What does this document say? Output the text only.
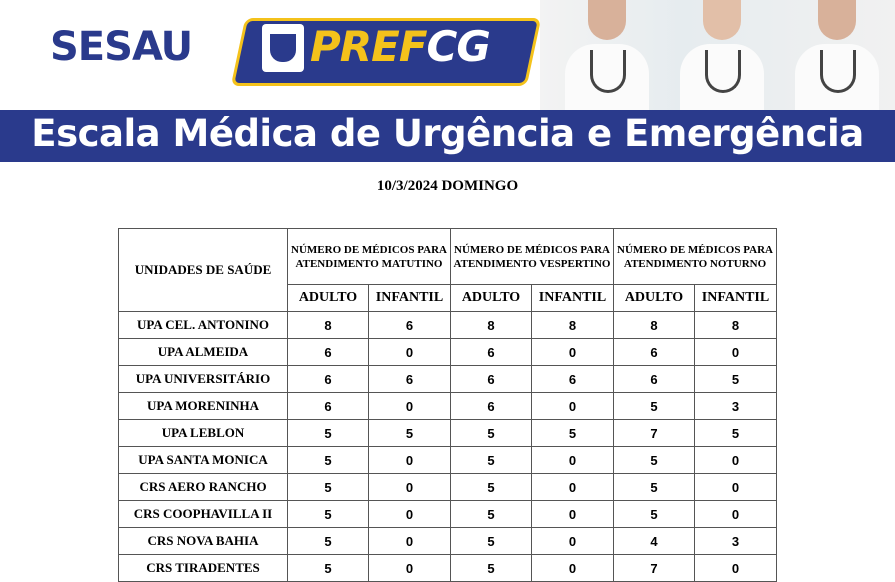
SESAU	PREFCG
Escala Médica de Urgência e Emergência
10/3/2024 DOMINGO
UNIDADES DE SAÚDE	NÚMERO DE MÉDICOS PARA ATENDIMENTO MATUTINO		NÚMERO DE MÉDICOS PARA ATENDIMENTO VESPERTINO		NÚMERO DE MÉDICOS PARA ATENDIMENTO NOTURNO	
	ADULTO	INFANTIL	ADULTO	INFANTIL	ADULTO	INFANTIL
UPA CEL. ANTONINO	8	6	8	8	8	8
UPA ALMEIDA	6	0	6	0	6	0
UPA UNIVERSITÁRIO	6	6	6	6	6	5
UPA MORENINHA	6	0	6	0	5	3
UPA LEBLON	5	5	5	5	7	5
UPA SANTA MONICA	5	0	5	0	5	0
CRS AERO RANCHO	5	0	5	0	5	0
CRS COOPHAVILLA II	5	0	5	0	5	0
CRS NOVA BAHIA	5	0	5	0	4	3
CRS TIRADENTES	5	0	5	0	7	0
